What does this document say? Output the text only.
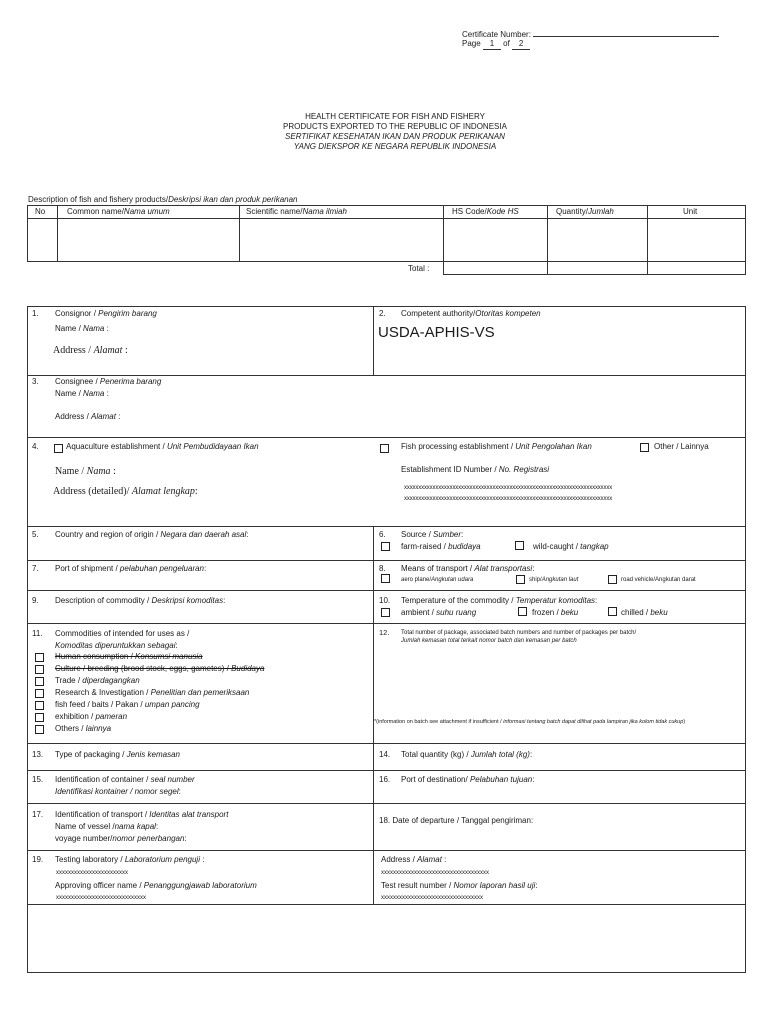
Certificate Number:
Page 1 of 2
HEALTH CERTIFICATE FOR FISH AND FISHERY
PRODUCTS EXPORTED TO THE REPUBLIC OF INDONESIA
SERTIFIKAT KESEHATAN IKAN DAN PRODUK PERIKANAN
YANG DIEKSPOR KE NEGARA REPUBLIK INDONESIA
Description of fish and fishery products/Deskripsi ikan dan produk perikanan
No	Common name/Nama umum	Scientific name/Nama ilmiah	HS Code/Kode HS	Quantity/Jumlah	Unit
Total :
1. Consignor / Pengirim barang
Name / Nama :
Address / Alamat :
2. Competent authority/Otoritas kompeten
USDA-APHIS-VS
3. Consignee / Penerima barang
Name / Nama :
Address / Alamat :
4.	Aquaculture establishment / Unit Pembudidayaan Ikan	Fish processing establishment / Unit Pengolahan Ikan	Other / Lainnya
Name / Nama :	Establishment ID Number / No. Registrasi
Address (detailed)/ Alamat lengkap:	xxxxxxxxxxxxxxxxxxxxxxxxxxxxxxxxxxxxxxxxxxxxxxxxxxxxxxxxxxxxxxxxxxxxxxxxx
xxxxxxxxxxxxxxxxxxxxxxxxxxxxxxxxxxxxxxxxxxxxxxxxxxxxxxxxxxxxxxxxxxxxxxxxx
5. Country and region of origin / Negara dan daerah asal:	6. Source / Sumber:
farm-raised / budidaya	wild-caught / tangkap
7. Port of shipment / pelabuhan pengeluaran:	8. Means of transport / Alat transportasi:
aero plane/Angkutan udara	ship/Angkutan laut	road vehicle/Angkutan darat
9. Description of commodity / Deskripsi komoditas:	10. Temperature of the commodity / Temperatur komoditas:
ambient / suhu ruang	frozen / beku	chilled / beku
11. Commodities of intended for uses as /
Komoditas diperuntukkan sebagai:
Human consumption / Konsumsi manusia
Culture / breeding (brood stock, eggs, gametes) / Budidaya
Trade / diperdagangkan
Research & Investigation / Penelitian dan pemeriksaan
fish feed / baits / Pakan / umpan pancing
exhibition / pameran
Others / lainnya
12. Total number of package, associated batch numbers and number of packages per batch/
Jumlah kemasan total terkait nomor batch dan kemasan per batch
*(information on batch see attachment if insufficient / informasi tentang batch dapat dilihat pada lampiran jika kolom tidak cukup)
13. Type of packaging / Jenis kemasan	14. Total quantity (kg) / Jumlah total (kg):
15. Identification of container / seal number
Identifikasi kontainer / nomor segel:
16. Port of destination/ Pelabuhan tujuan:
17. Identification of transport / Identitas alat transport
Name of vessel /nama kapal:
voyage number/nomor penerbangan:
18. Date of departure / Tanggal pengiriman:
19. Testing laboratory / Laboratorium penguji :
xxxxxxxxxxxxxxxxxxxxxxxx
Approving officer name / Penanggungjawab laboratorium
xxxxxxxxxxxxxxxxxxxxxxxxxxxxxx
Address / Alamat :
xxxxxxxxxxxxxxxxxxxxxxxxxxxxxxxxxxxx
Test result number / Nomor laporan hasil uji:
xxxxxxxxxxxxxxxxxxxxxxxxxxxxxxxxxx
